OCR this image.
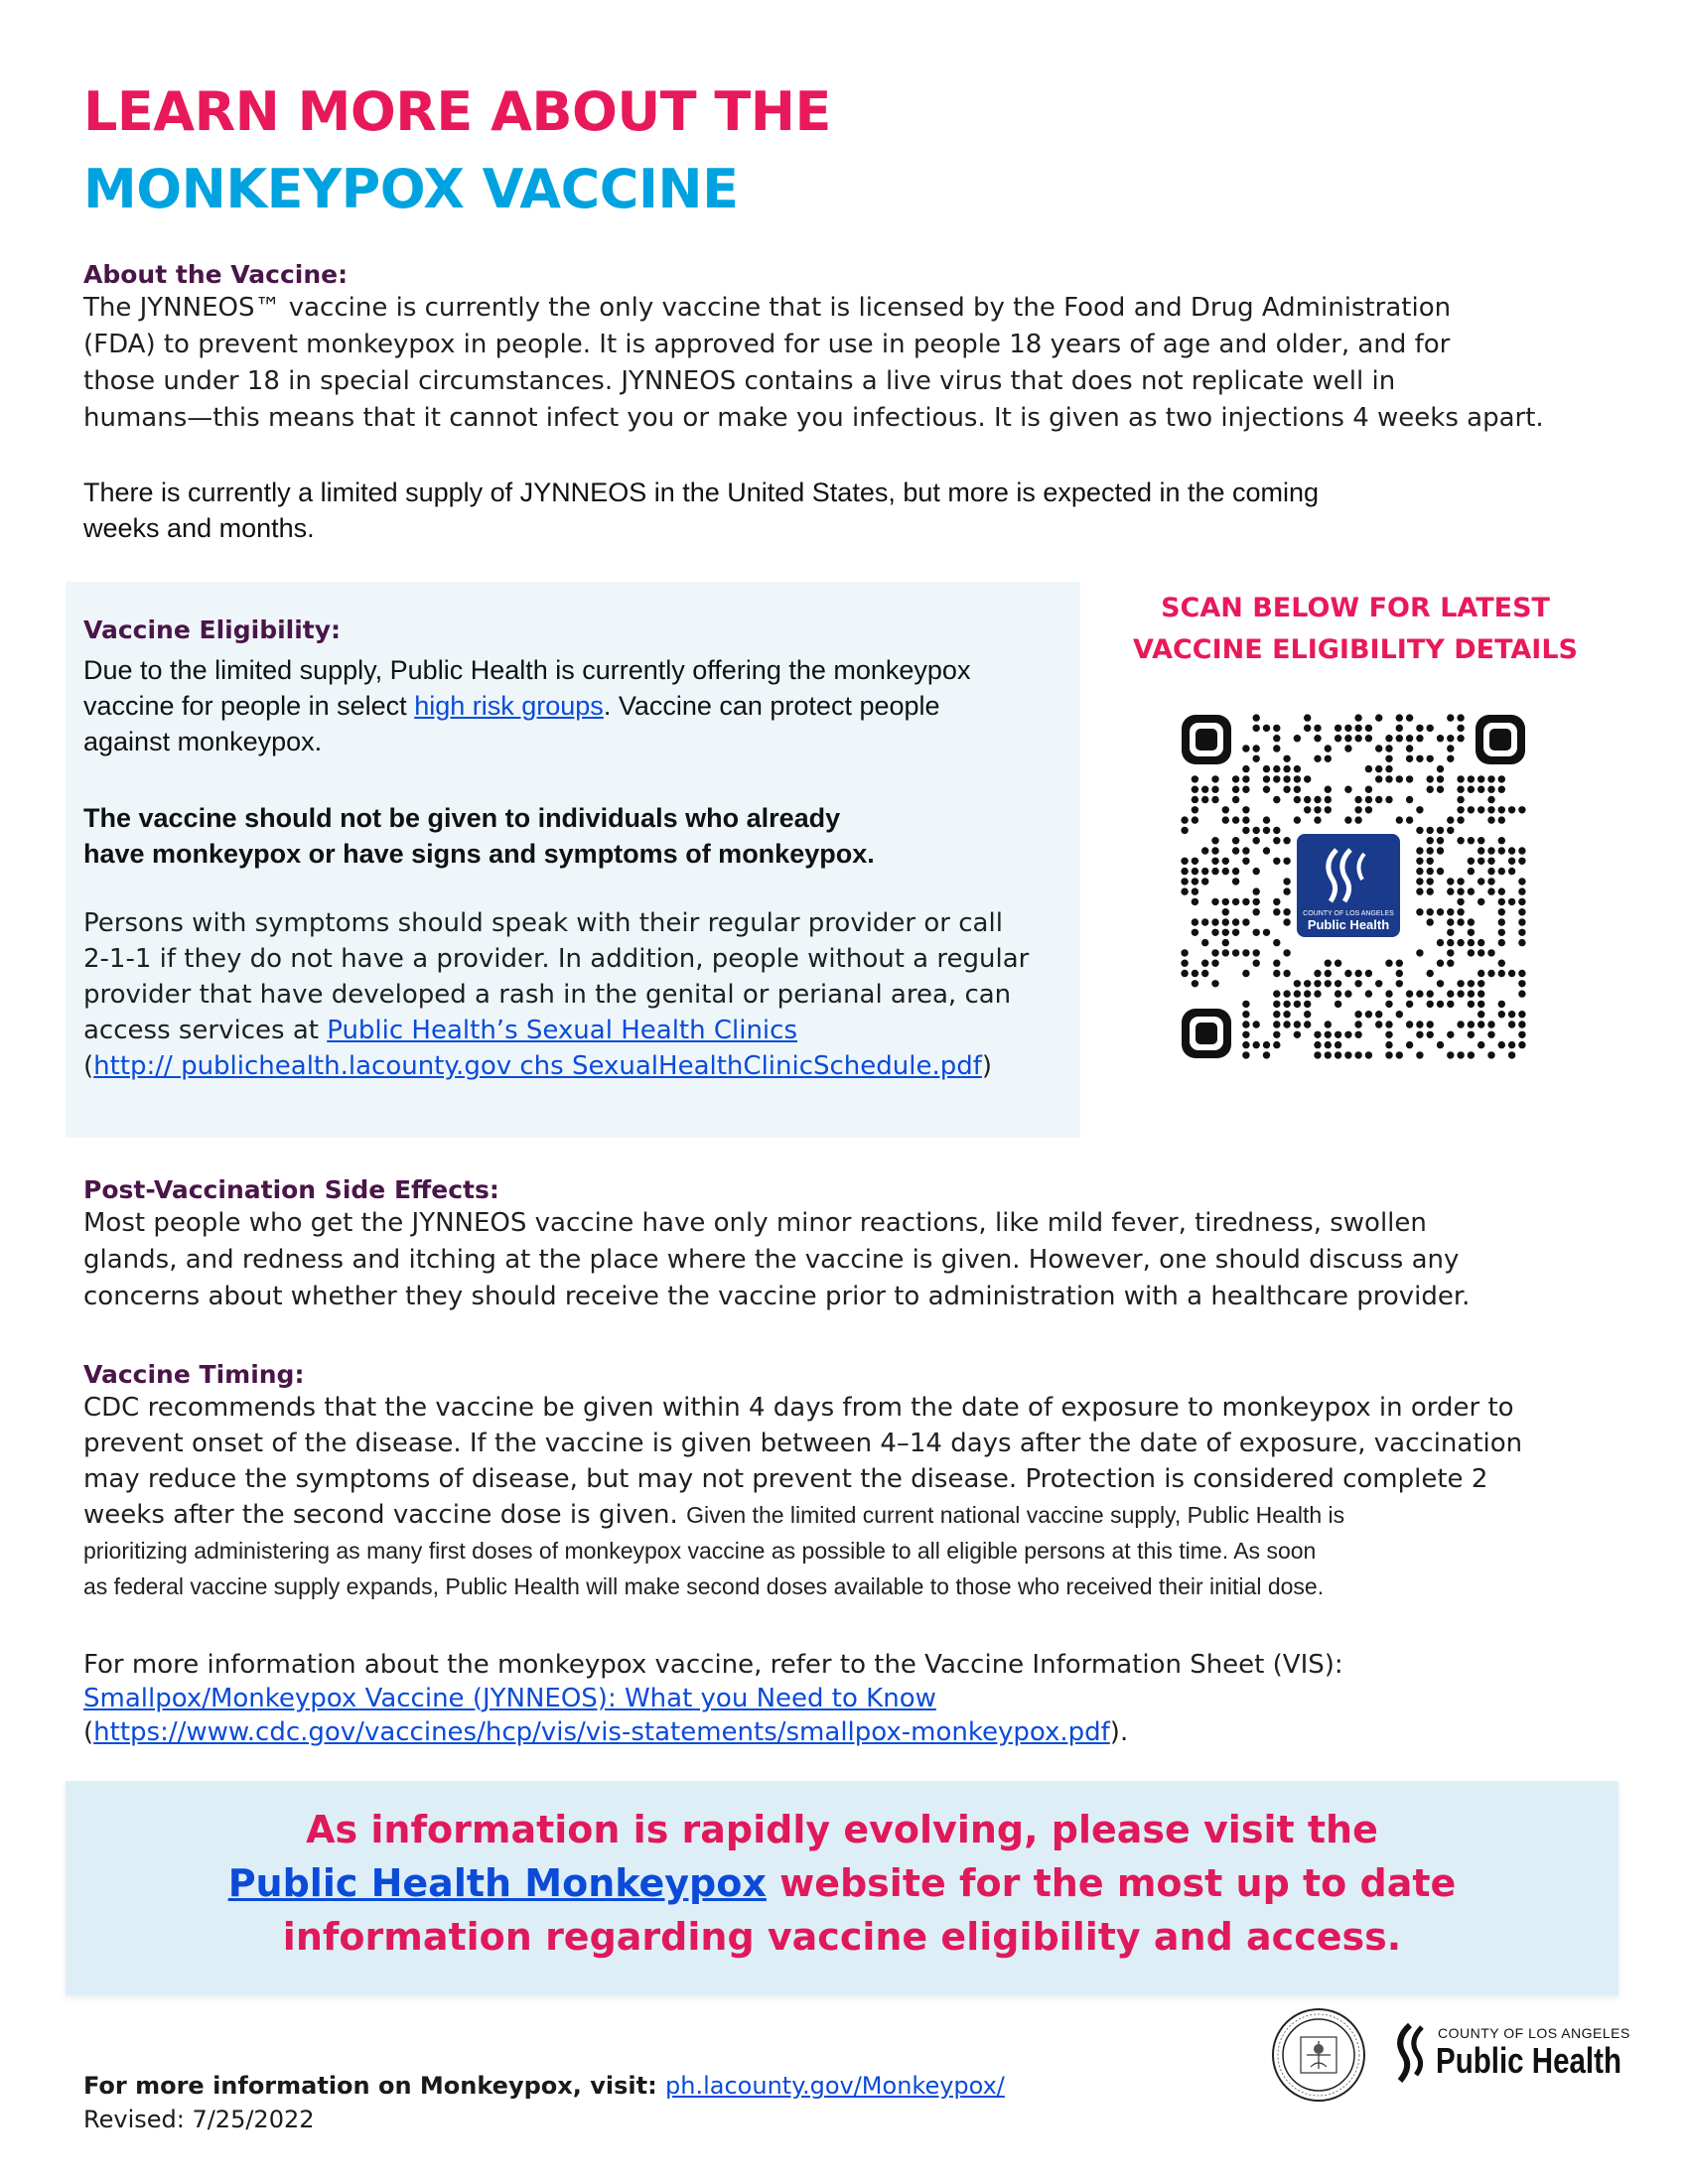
LEARN MORE ABOUT THE
MONKEYPOX VACCINE
About the Vaccine:
The JYNNEOS™ vaccine is currently the only vaccine that is licensed by the Food and Drug Administration
(FDA) to prevent monkeypox in people. It is approved for use in people 18 years of age and older, and for
those under 18 in special circumstances. JYNNEOS contains a live virus that does not replicate well in
humans—this means that it cannot infect you or make you infectious. It is given as two injections 4 weeks apart.
There is currently a limited supply of JYNNEOS in the United States, but more is expected in the coming
weeks and months.
Vaccine Eligibility:
Due to the limited supply, Public Health is currently offering the monkeypox
vaccine for people in select high risk groups. Vaccine can protect people
against monkeypox.
The vaccine should not be given to individuals who already
have monkeypox or have signs and symptoms of monkeypox.
Persons with symptoms should speak with their regular provider or call
2-1-1 if they do not have a provider. In addition, people without a regular
provider that have developed a rash in the genital or perianal area, can
access services at Public Health’s Sexual Health Clinics
(http:// publichealth.lacounty.gov chs SexualHealthClinicSchedule.pdf)
SCAN BELOW FOR LATEST
VACCINE ELIGIBILITY DETAILS
COUNTY OF LOS ANGELES
Public Health
Post-Vaccination Side Effects:
Most people who get the JYNNEOS vaccine have only minor reactions, like mild fever, tiredness, swollen
glands, and redness and itching at the place where the vaccine is given. However, one should discuss any
concerns about whether they should receive the vaccine prior to administration with a healthcare provider.
Vaccine Timing:
CDC recommends that the vaccine be given within 4 days from the date of exposure to monkeypox in order to
prevent onset of the disease. If the vaccine is given between 4–14 days after the date of exposure, vaccination
may reduce the symptoms of disease, but may not prevent the disease. Protection is considered complete 2
weeks after the second vaccine dose is given. Given the limited current national vaccine supply, Public Health is
prioritizing administering as many first doses of monkeypox vaccine as possible to all eligible persons at this time. As soon
as federal vaccine supply expands, Public Health will make second doses available to those who received their initial dose.
For more information about the monkeypox vaccine, refer to the Vaccine Information Sheet (VIS):
Smallpox/Monkeypox Vaccine (JYNNEOS): What you Need to Know
(https://www.cdc.gov/vaccines/hcp/vis/vis-statements/smallpox-monkeypox.pdf).
As information is rapidly evolving, please visit the
Public Health Monkeypox website for the most up to date
information regarding vaccine eligibility and access.
For more information on Monkeypox, visit: ph.lacounty.gov/Monkeypox/
Revised: 7/25/2022
COUNTY OF LOS ANGELES
Public Health
